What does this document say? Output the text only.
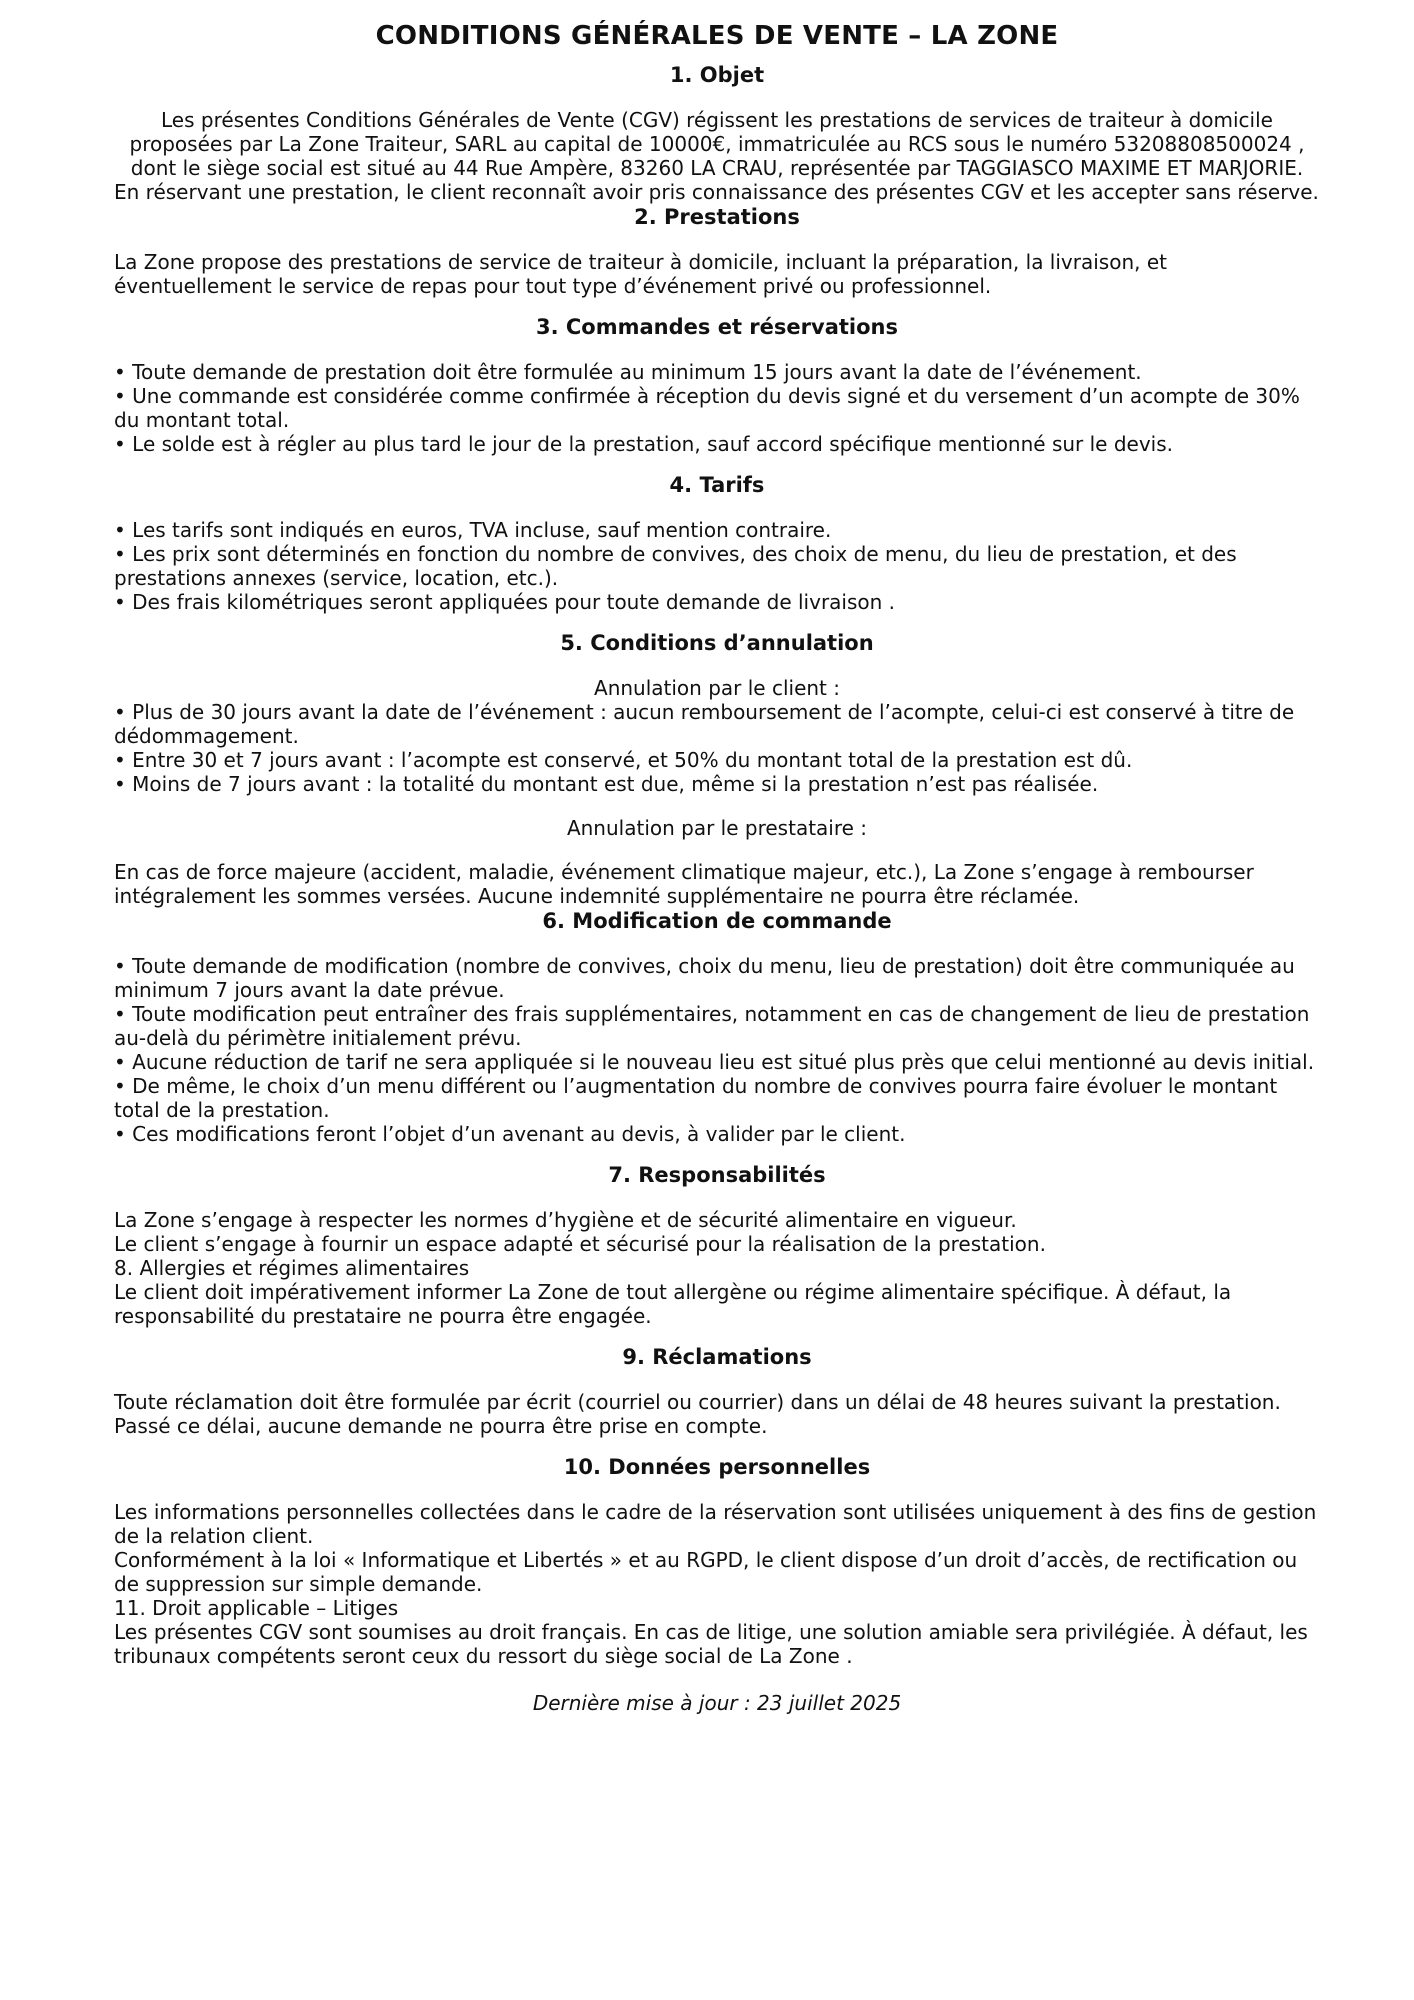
CONDITIONS GÉNÉRALES DE VENTE – LA ZONE
1. Objet

Les présentes Conditions Générales de Vente (CGV) régissent les prestations de services de traiteur à domicile proposées par La Zone Traiteur, SARL au capital de 10000€, immatriculée au RCS sous le numéro 53208808500024 , dont le siège social est situé au 44 Rue Ampère, 83260 LA CRAU, représentée par TAGGIASCO MAXIME ET MARJORIE.

En réservant une prestation, le client reconnaît avoir pris connaissance des présentes CGV et les accepter sans réserve.

2. Prestations

La Zone propose des prestations de service de traiteur à domicile, incluant la préparation, la livraison, et éventuellement le service de repas pour tout type d’événement privé ou professionnel.

3. Commandes et réservations

• Toute demande de prestation doit être formulée au minimum 15 jours avant la date de l’événement.

• Une commande est considérée comme confirmée à réception du devis signé et du versement d’un acompte de 30% du montant total.

• Le solde est à régler au plus tard le jour de la prestation, sauf accord spécifique mentionné sur le devis.

4. Tarifs

• Les tarifs sont indiqués en euros, TVA incluse, sauf mention contraire.

• Les prix sont déterminés en fonction du nombre de convives, des choix de menu, du lieu de prestation, et des prestations annexes (service, location, etc.).

• Des frais kilométriques seront appliquées pour toute demande de livraison .

5. Conditions d’annulation

Annulation par le client :

• Plus de 30 jours avant la date de l’événement : aucun remboursement de l’acompte, celui-ci est conservé à titre de dédommagement.

• Entre 30 et 7 jours avant : l’acompte est conservé, et 50% du montant total de la prestation est dû.

• Moins de 7 jours avant : la totalité du montant est due, même si la prestation n’est pas réalisée.

Annulation par le prestataire :

En cas de force majeure (accident, maladie, événement climatique majeur, etc.), La Zone s’engage à rembourser intégralement les sommes versées. Aucune indemnité supplémentaire ne pourra être réclamée.

6. Modification de commande

• Toute demande de modification (nombre de convives, choix du menu, lieu de prestation) doit être communiquée au minimum 7 jours avant la date prévue.

• Toute modification peut entraîner des frais supplémentaires, notamment en cas de changement de lieu de prestation au-delà du périmètre initialement prévu.

• Aucune réduction de tarif ne sera appliquée si le nouveau lieu est situé plus près que celui mentionné au devis initial.

• De même, le choix d’un menu différent ou l’augmentation du nombre de convives pourra faire évoluer le montant total de la prestation.

• Ces modifications feront l’objet d’un avenant au devis, à valider par le client.

7. Responsabilités

La Zone s’engage à respecter les normes d’hygiène et de sécurité alimentaire en vigueur.

Le client s’engage à fournir un espace adapté et sécurisé pour la réalisation de la prestation.

8. Allergies et régimes alimentaires

Le client doit impérativement informer La Zone de tout allergène ou régime alimentaire spécifique. À défaut, la responsabilité du prestataire ne pourra être engagée.

9. Réclamations

Toute réclamation doit être formulée par écrit (courriel ou courrier) dans un délai de 48 heures suivant la prestation. Passé ce délai, aucune demande ne pourra être prise en compte.

10. Données personnelles

Les informations personnelles collectées dans le cadre de la réservation sont utilisées uniquement à des fins de gestion de la relation client.

Conformément à la loi « Informatique et Libertés » et au RGPD, le client dispose d’un droit d’accès, de rectification ou de suppression sur simple demande.

11. Droit applicable – Litiges

Les présentes CGV sont soumises au droit français. En cas de litige, une solution amiable sera privilégiée. À défaut, les tribunaux compétents seront ceux du ressort du siège social de La Zone .

Dernière mise à jour : 23 juillet 2025
